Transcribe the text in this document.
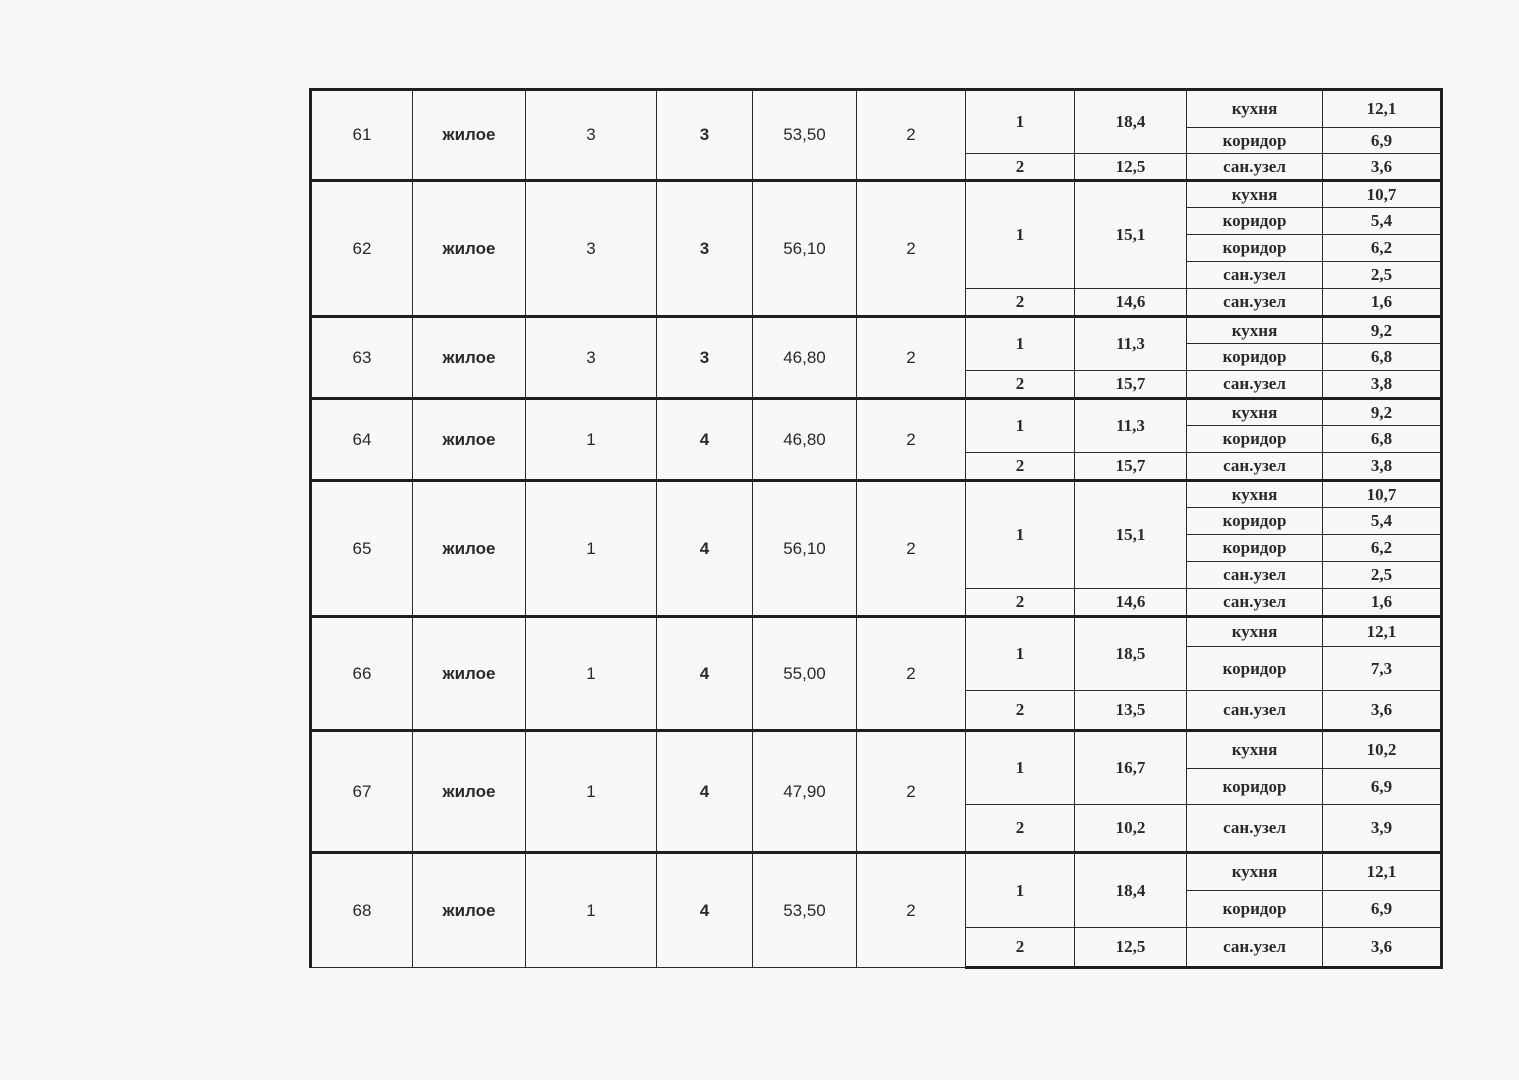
61	жилое	3	3	53,50	2	1	18,4	кухня	12,1
								коридор	6,9
						2	12,5	сан.узел	3,6
62	жилое	3	3	56,10	2	1	15,1	кухня	10,7
								коридор	5,4
								коридор	6,2
								сан.узел	2,5
						2	14,6	сан.узел	1,6
63	жилое	3	3	46,80	2	1	11,3	кухня	9,2
								коридор	6,8
						2	15,7	сан.узел	3,8
64	жилое	1	4	46,80	2	1	11,3	кухня	9,2
								коридор	6,8
						2	15,7	сан.узел	3,8
65	жилое	1	4	56,10	2	1	15,1	кухня	10,7
								коридор	5,4
								коридор	6,2
								сан.узел	2,5
						2	14,6	сан.узел	1,6
66	жилое	1	4	55,00	2	1	18,5	кухня	12,1
								коридор	7,3
						2	13,5	сан.узел	3,6
67	жилое	1	4	47,90	2	1	16,7	кухня	10,2
								коридор	6,9
						2	10,2	сан.узел	3,9
68	жилое	1	4	53,50	2	1	18,4	кухня	12,1
								коридор	6,9
						2	12,5	сан.узел	3,6
